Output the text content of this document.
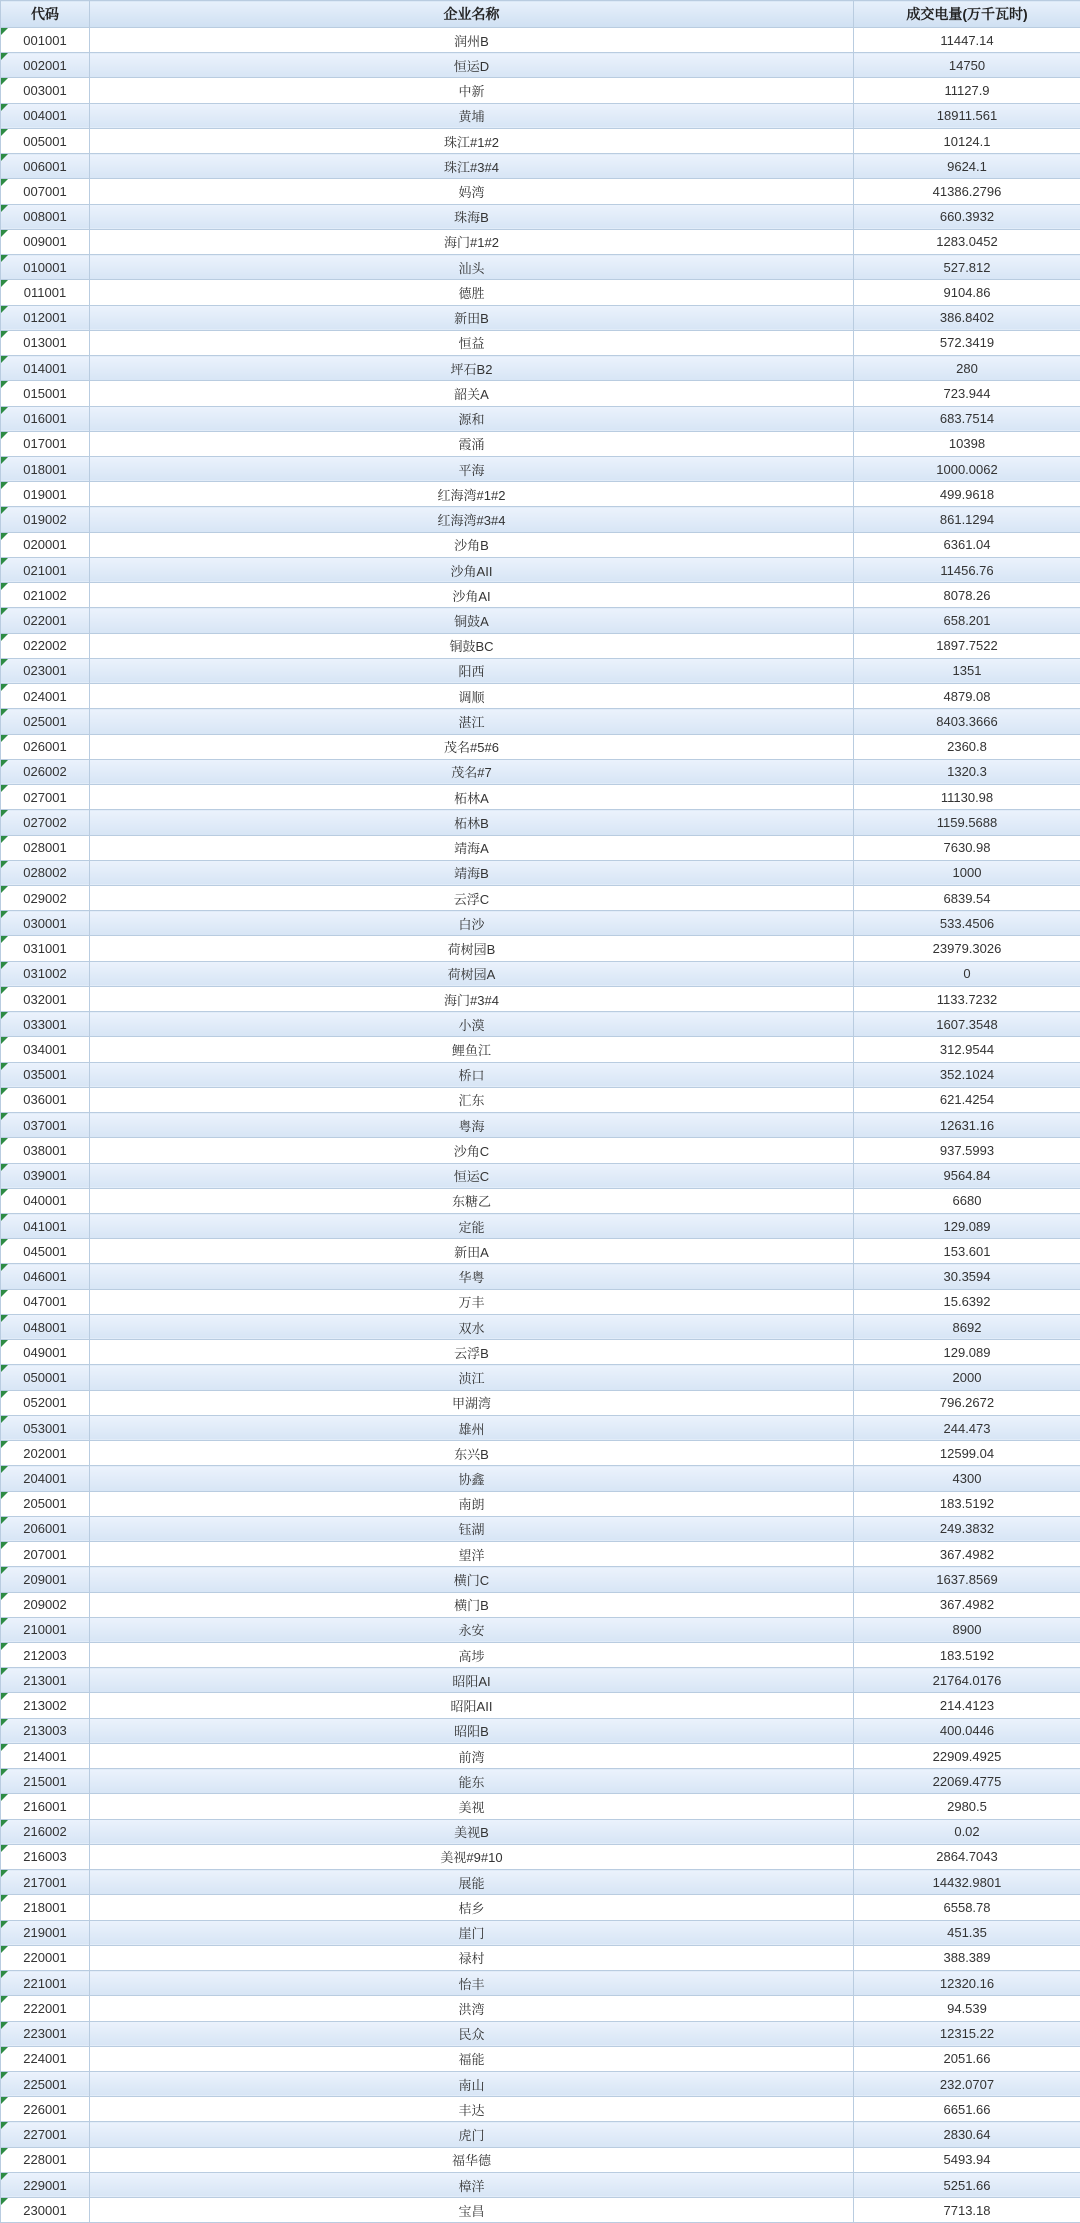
代码	企业名称	成交电量(万千瓦时)

001001	润州B	11447.14

002001	恒运D	14750

003001	中新	11127.9

004001	黄埔	18911.561

005001	珠江#1#2	10124.1

006001	珠江#3#4	9624.1

007001	妈湾	41386.2796

008001	珠海B	660.3932

009001	海门#1#2	1283.0452

010001	汕头	527.812

011001	德胜	9104.86

012001	新田B	386.8402

013001	恒益	572.3419

014001	坪石B2	280

015001	韶关A	723.944

016001	源和	683.7514

017001	霞涌	10398

018001	平海	1000.0062

019001	红海湾#1#2	499.9618

019002	红海湾#3#4	861.1294

020001	沙角B	6361.04

021001	沙角AII	11456.76

021002	沙角AI	8078.26

022001	铜鼓A	658.201

022002	铜鼓BC	1897.7522

023001	阳西	1351

024001	调顺	4879.08

025001	湛江	8403.3666

026001	茂名#5#6	2360.8

026002	茂名#7	1320.3

027001	柘林A	11130.98

027002	柘林B	1159.5688

028001	靖海A	7630.98

028002	靖海B	1000

029002	云浮C	6839.54

030001	白沙	533.4506

031001	荷树园B	23979.3026

031002	荷树园A	0

032001	海门#3#4	1133.7232

033001	小漠	1607.3548

034001	鲤鱼江	312.9544

035001	桥口	352.1024

036001	汇东	621.4254

037001	粤海	12631.16

038001	沙角C	937.5993

039001	恒运C	9564.84

040001	东糖乙	6680

041001	定能	129.089

045001	新田A	153.601

046001	华粤	30.3594

047001	万丰	15.6392

048001	双水	8692

049001	云浮B	129.089

050001	浈江	2000

052001	甲湖湾	796.2672

053001	雄州	244.473

202001	东兴B	12599.04

204001	协鑫	4300

205001	南朗	183.5192

206001	钰湖	249.3832

207001	望洋	367.4982

209001	横门C	1637.8569

209002	横门B	367.4982

210001	永安	8900

212003	高埗	183.5192

213001	昭阳AI	21764.0176

213002	昭阳AII	214.4123

213003	昭阳B	400.0446

214001	前湾	22909.4925

215001	能东	22069.4775

216001	美视	2980.5

216002	美视B	0.02

216003	美视#9#10	2864.7043

217001	展能	14432.9801

218001	桔乡	6558.78

219001	崖门	451.35

220001	禄村	388.389

221001	怡丰	12320.16

222001	洪湾	94.539

223001	民众	12315.22

224001	福能	2051.66

225001	南山	232.0707

226001	丰达	6651.66

227001	虎门	2830.64

228001	福华德	5493.94

229001	樟洋	5251.66

230001	宝昌	7713.18
